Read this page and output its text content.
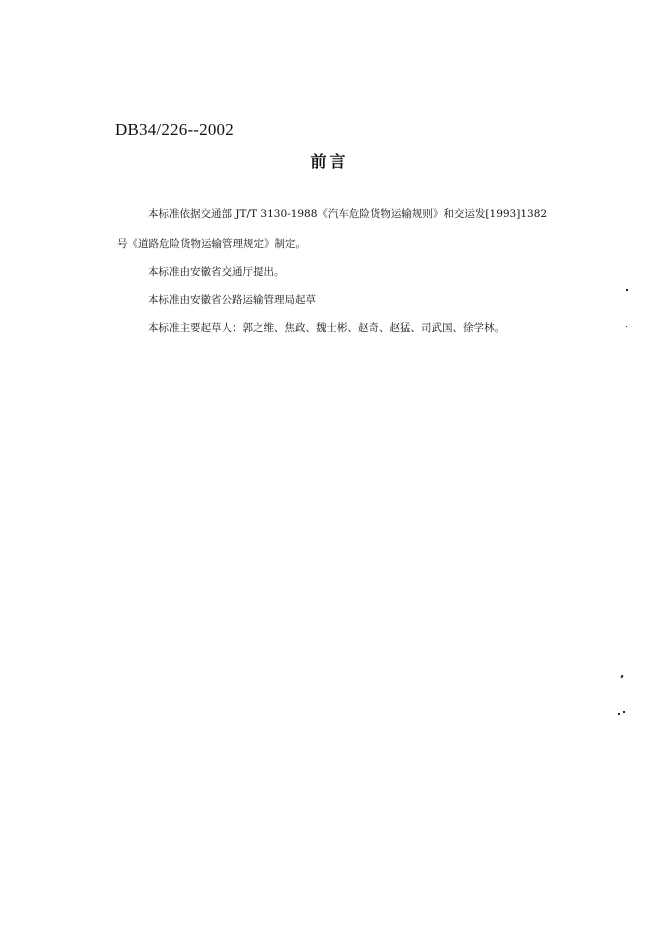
DB34/226--2002
前言
本标准依据交通部 JT/T 3130-1988《汽车危险货物运输规则》和交运发[1993]1382
号《道路危险货物运输管理规定》制定。
本标准由安徽省交通厅提出。
本标准由安徽省公路运输管理局起草
本标准主要起草人：郭之维、焦政、魏士彬、赵奇、赵猛、司武国、徐学林。
